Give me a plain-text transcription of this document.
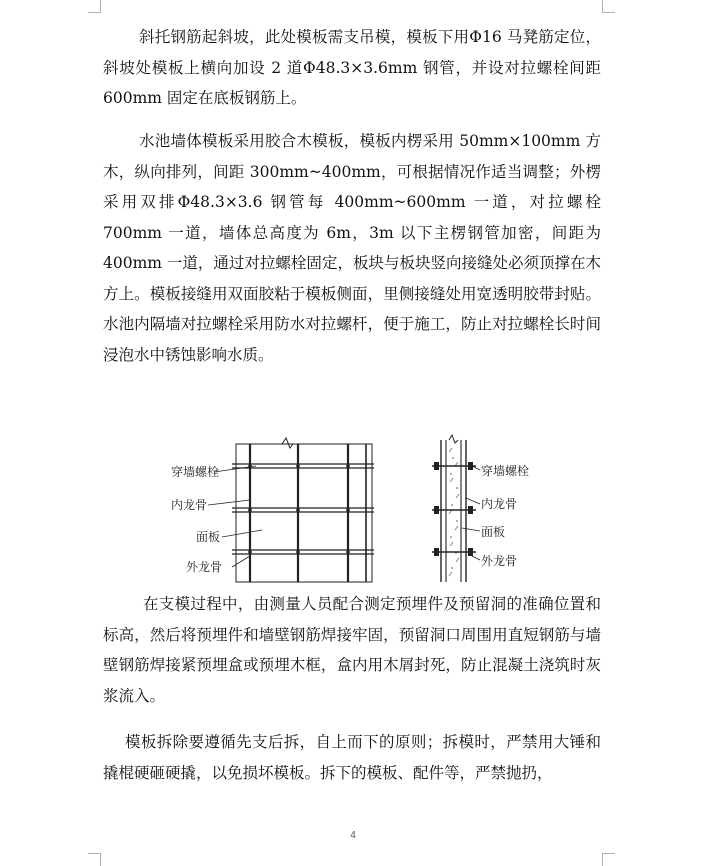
斜托钢筋起斜坡，此处模板需支吊模，模板下用Φ16 马凳筋定位，斜坡处模板上横向加设 2 道Φ48.3×3.6mm 钢管，并设对拉螺栓间距 600mm 固定在底板钢筋上。

水池墙体模板采用胶合木模板，模板内楞采用 50mm×100mm 方木，纵向排列，间距 300mm~400mm，可根据情况作适当调整；外楞采用双排Φ48.3×3.6 钢管每 400mm~600mm 一道，对拉螺栓 700mm 一道，墙体总高度为 6m，3m 以下主楞钢管加密，间距为 400mm 一道，通过对拉螺栓固定，板块与板块竖向接缝处必须顶撑在木方上。模板接缝用双面胶粘于模板侧面，里侧接缝处用宽透明胶带封贴。水池内隔墙对拉螺栓采用防水对拉螺杆，便于施工，防止对拉螺栓长时间浸泡水中锈蚀影响水质。

穿墙螺栓
内龙骨
面板
外龙骨
穿墙螺栓
内龙骨
面板
外龙骨

在支模过程中，由测量人员配合测定预埋件及预留洞的准确位置和标高，然后将预埋件和墙壁钢筋焊接牢固，预留洞口周围用直短钢筋与墙壁钢筋焊接紧预埋盒或预埋木框，盒内用木屑封死，防止混凝土浇筑时灰浆流入。

模板拆除要遵循先支后拆，自上而下的原则；拆模时，严禁用大锤和撬棍硬砸硬撬，以免损坏模板。拆下的模板、配件等，严禁抛扔，

4
